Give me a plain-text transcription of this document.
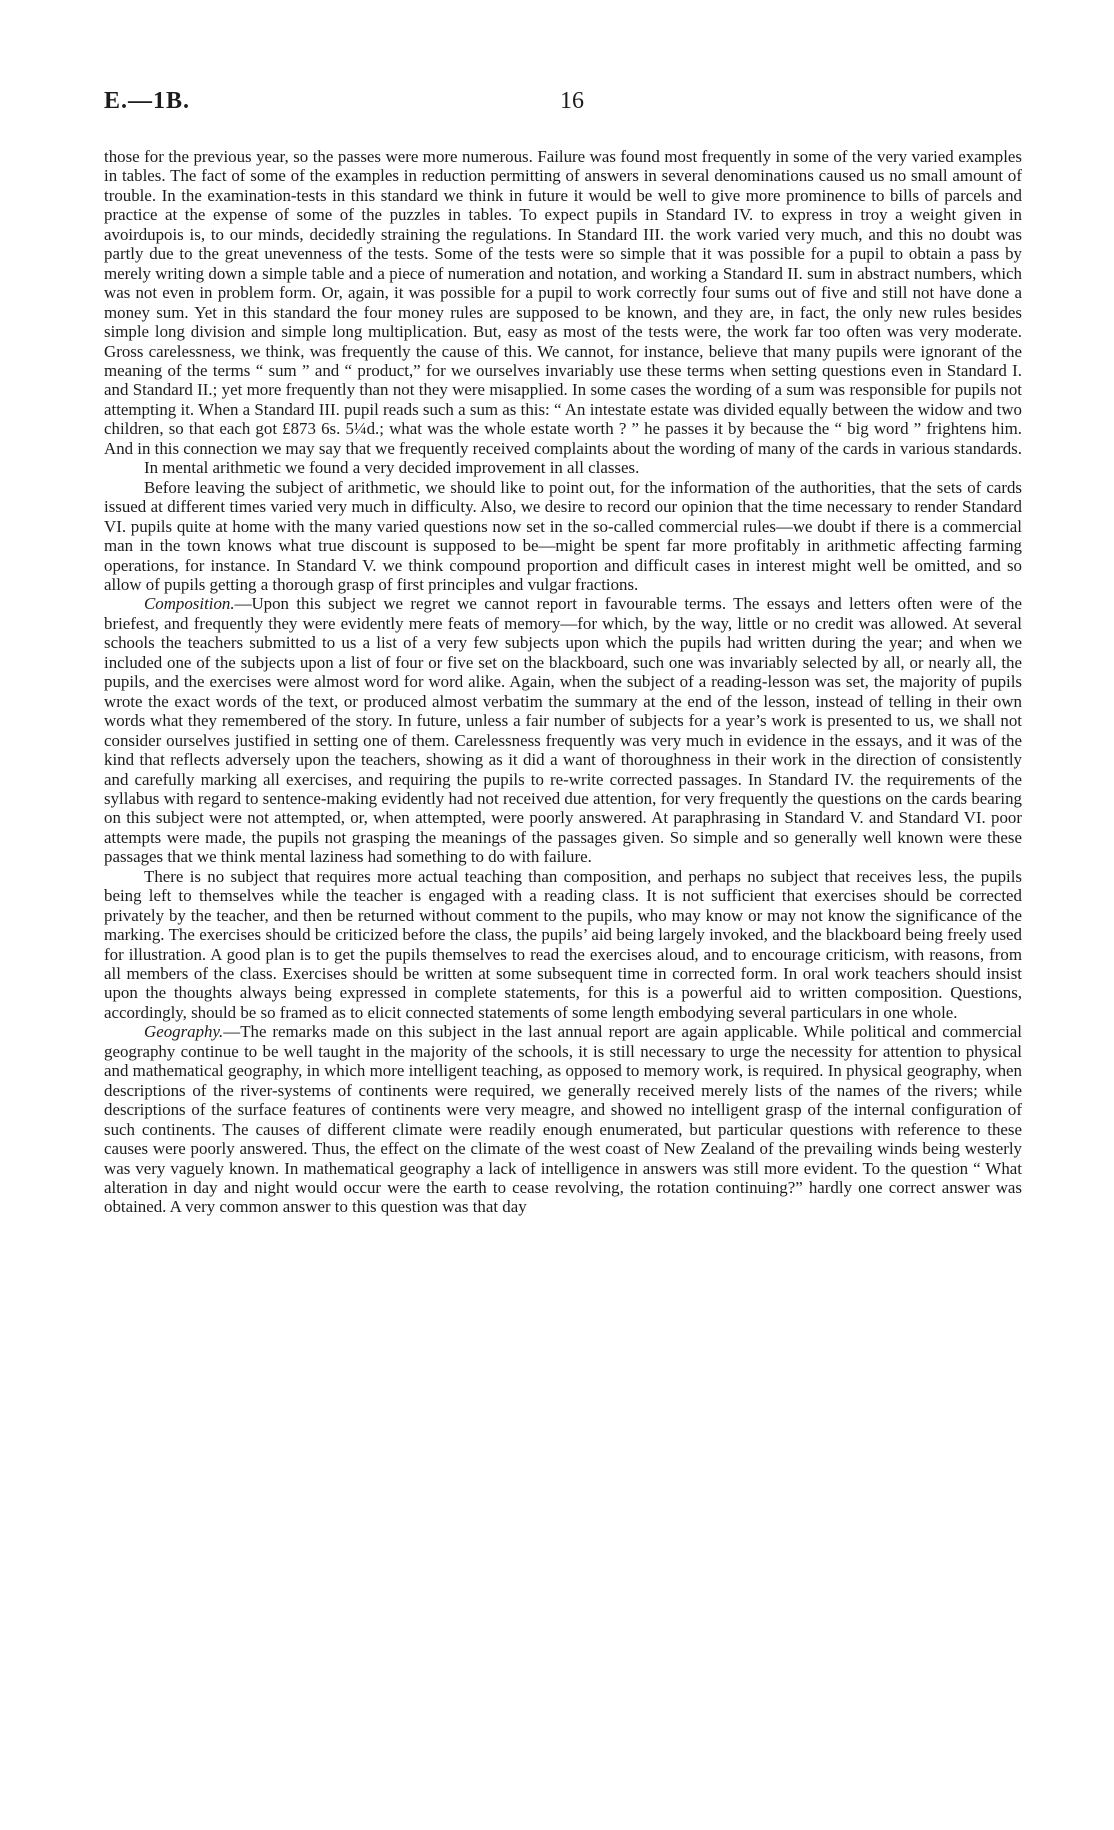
E.—1B.	16

those for the previous year, so the passes were more numerous. Failure was found most frequently in some of the very varied examples in tables. The fact of some of the examples in reduction permitting of answers in several denominations caused us no small amount of trouble. In the examination-tests in this standard we think in future it would be well to give more prominence to bills of parcels and practice at the expense of some of the puzzles in tables. To expect pupils in Standard IV. to express in troy a weight given in avoirdupois is, to our minds, decidedly straining the regulations. In Standard III. the work varied very much, and this no doubt was partly due to the great unevenness of the tests. Some of the tests were so simple that it was possible for a pupil to obtain a pass by merely writing down a simple table and a piece of numeration and notation, and working a Standard II. sum in abstract numbers, which was not even in problem form. Or, again, it was possible for a pupil to work correctly four sums out of five and still not have done a money sum. Yet in this standard the four money rules are supposed to be known, and they are, in fact, the only new rules besides simple long division and simple long multiplication. But, easy as most of the tests were, the work far too often was very moderate. Gross carelessness, we think, was frequently the cause of this. We cannot, for instance, believe that many pupils were ignorant of the meaning of the terms “ sum ” and “ product,” for we ourselves invariably use these terms when setting questions even in Standard I. and Standard II.; yet more frequently than not they were misapplied. In some cases the wording of a sum was responsible for pupils not attempting it. When a Standard III. pupil reads such a sum as this: “ An intestate estate was divided equally between the widow and two children, so that each got £873 6s. 5¼d.; what was the whole estate worth ? ” he passes it by because the “ big word ” frightens him. And in this connection we may say that we frequently received complaints about the wording of many of the cards in various standards.

In mental arithmetic we found a very decided improvement in all classes.

Before leaving the subject of arithmetic, we should like to point out, for the information of the authorities, that the sets of cards issued at different times varied very much in difficulty. Also, we desire to record our opinion that the time necessary to render Standard VI. pupils quite at home with the many varied questions now set in the so-called commercial rules—we doubt if there is a commercial man in the town knows what true discount is supposed to be—might be spent far more profitably in arithmetic affecting farming operations, for instance. In Standard V. we think compound proportion and difficult cases in interest might well be omitted, and so allow of pupils getting a thorough grasp of first principles and vulgar fractions.

Composition.—Upon this subject we regret we cannot report in favourable terms. The essays and letters often were of the briefest, and frequently they were evidently mere feats of memory—for which, by the way, little or no credit was allowed. At several schools the teachers submitted to us a list of a very few subjects upon which the pupils had written during the year; and when we included one of the subjects upon a list of four or five set on the blackboard, such one was invariably selected by all, or nearly all, the pupils, and the exercises were almost word for word alike. Again, when the subject of a reading-lesson was set, the majority of pupils wrote the exact words of the text, or produced almost verbatim the summary at the end of the lesson, instead of telling in their own words what they remembered of the story. In future, unless a fair number of subjects for a year’s work is presented to us, we shall not consider ourselves justified in setting one of them. Carelessness frequently was very much in evidence in the essays, and it was of the kind that reflects adversely upon the teachers, showing as it did a want of thoroughness in their work in the direction of consistently and carefully marking all exercises, and requiring the pupils to re-write corrected passages. In Standard IV. the requirements of the syllabus with regard to sentence-making evidently had not received due attention, for very frequently the questions on the cards bearing on this subject were not attempted, or, when attempted, were poorly answered. At paraphrasing in Standard V. and Standard VI. poor attempts were made, the pupils not grasping the meanings of the passages given. So simple and so generally well known were these passages that we think mental laziness had something to do with failure.

There is no subject that requires more actual teaching than composition, and perhaps no subject that receives less, the pupils being left to themselves while the teacher is engaged with a reading class. It is not sufficient that exercises should be corrected privately by the teacher, and then be returned without comment to the pupils, who may know or may not know the significance of the marking. The exercises should be criticized before the class, the pupils’ aid being largely invoked, and the blackboard being freely used for illustration. A good plan is to get the pupils themselves to read the exercises aloud, and to encourage criticism, with reasons, from all members of the class. Exercises should be written at some subsequent time in corrected form. In oral work teachers should insist upon the thoughts always being expressed in complete statements, for this is a powerful aid to written composition. Questions, accordingly, should be so framed as to elicit connected statements of some length embodying several particulars in one whole.

Geography.—The remarks made on this subject in the last annual report are again applicable. While political and commercial geography continue to be well taught in the majority of the schools, it is still necessary to urge the necessity for attention to physical and mathematical geography, in which more intelligent teaching, as opposed to memory work, is required. In physical geography, when descriptions of the river-systems of continents were required, we generally received merely lists of the names of the rivers; while descriptions of the surface features of continents were very meagre, and showed no intelligent grasp of the internal configuration of such continents. The causes of different climate were readily enough enumerated, but particular questions with reference to these causes were poorly answered. Thus, the effect on the climate of the west coast of New Zealand of the prevailing winds being westerly was very vaguely known. In mathematical geography a lack of intelligence in answers was still more evident. To the question “ What alteration in day and night would occur were the earth to cease revolving, the rotation continuing?” hardly one correct answer was obtained. A very common answer to this question was that day
